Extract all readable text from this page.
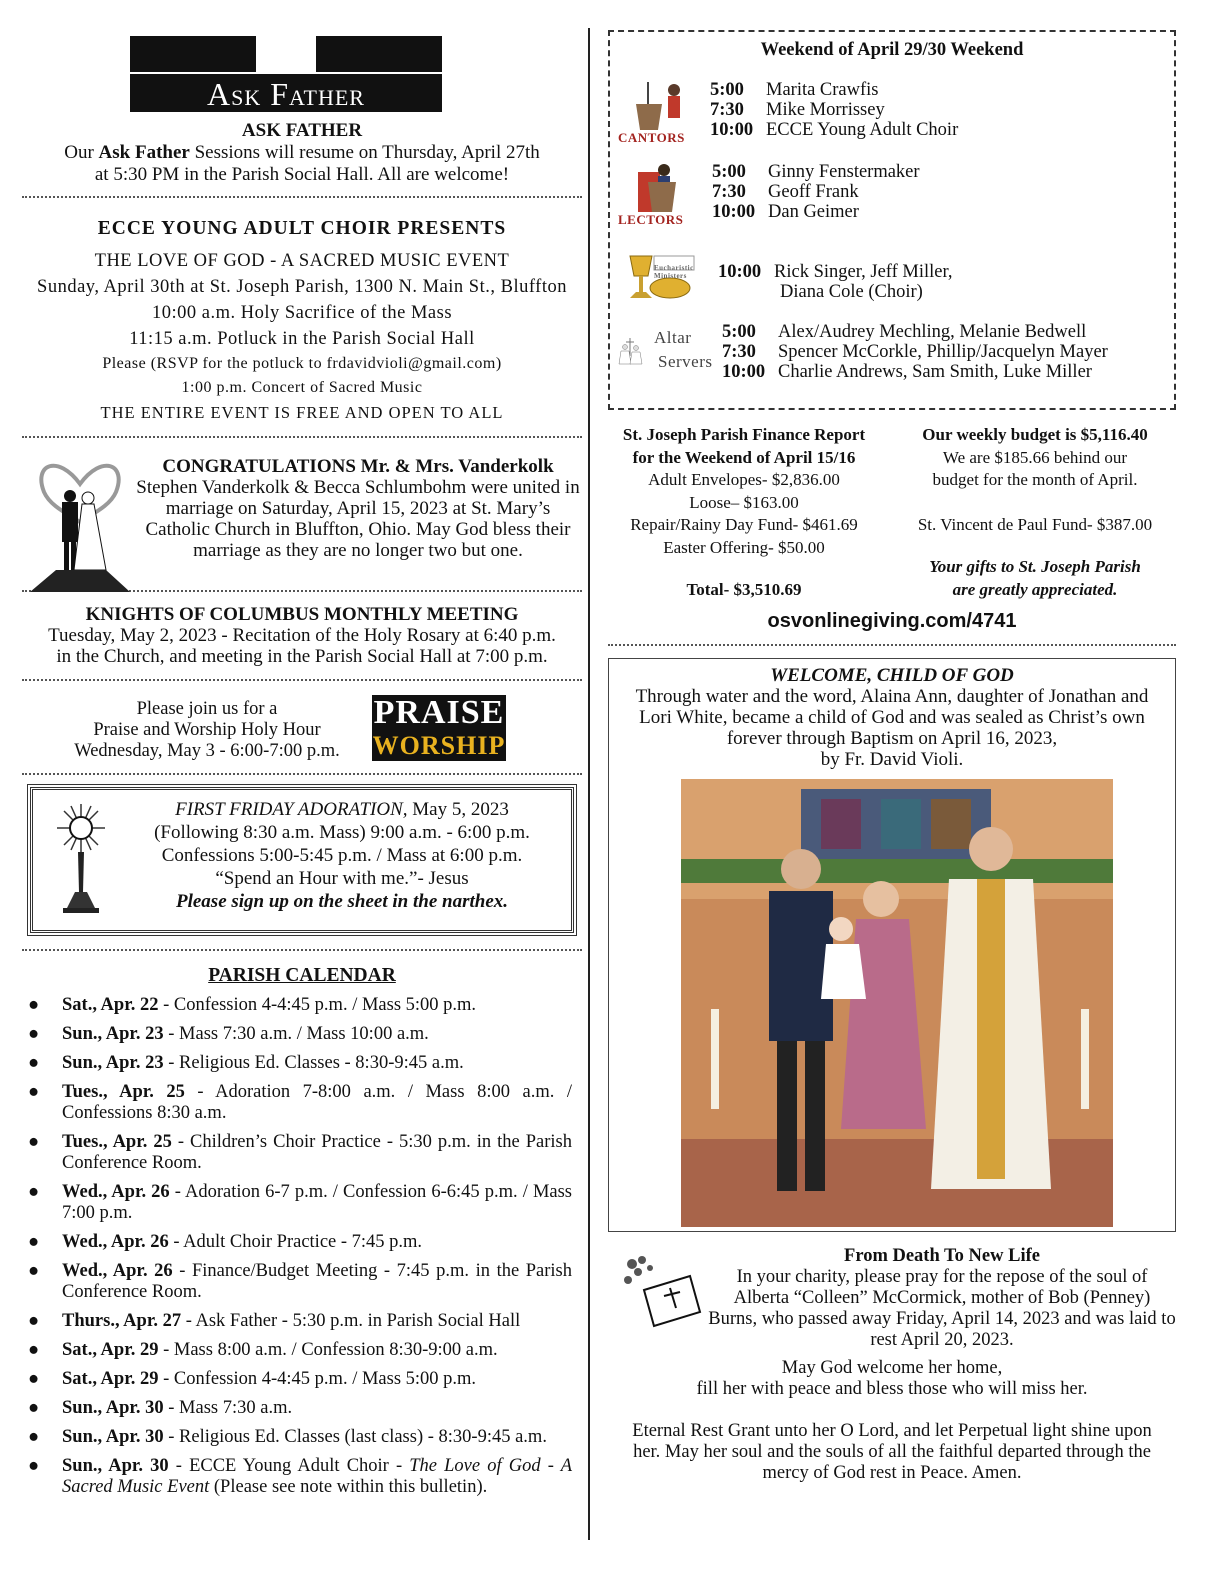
Ask Father
ASK FATHER
Our Ask Father Sessions will resume on Thursday, April 27th
at 5:30 PM in the Parish Social Hall. All are welcome!
ECCE YOUNG ADULT CHOIR PRESENTS
THE LOVE OF GOD - A SACRED MUSIC EVENT
Sunday, April 30th at St. Joseph Parish, 1300 N. Main St., Bluffton
10:00 a.m. Holy Sacrifice of the Mass
11:15 a.m. Potluck in the Parish Social Hall
Please (RSVP for the potluck to frdavidvioli@gmail.com)
1:00 p.m. Concert of Sacred Music
THE ENTIRE EVENT IS FREE AND OPEN TO ALL
CONGRATULATIONS Mr. & Mrs. Vanderkolk
Stephen Vanderkolk & Becca Schlumbohm were united in marriage on Saturday, April 15, 2023 at St. Mary’s Catholic Church in Bluffton, Ohio. May God bless their marriage as they are no longer two but one.
KNIGHTS OF COLUMBUS MONTHLY MEETING
Tuesday, May 2, 2023 - Recitation of the Holy Rosary at 6:40 p.m.
in the Church, and meeting in the Parish Social Hall at 7:00 p.m.
Please join us for a
Praise and Worship Holy Hour
Wednesday, May 3 - 6:00-7:00 p.m.
PRAISE
WORSHIP
FIRST FRIDAY ADORATION, May 5, 2023
(Following 8:30 a.m. Mass) 9:00 a.m. - 6:00 p.m.
Confessions 5:00-5:45 p.m. / Mass at 6:00 p.m.
“Spend an Hour with me.”- Jesus
Please sign up on the sheet in the narthex.
PARISH CALENDAR
● Sat., Apr. 22 - Confession 4-4:45 p.m. / Mass 5:00 p.m.
● Sun., Apr. 23 - Mass 7:30 a.m. / Mass 10:00 a.m.
● Sun., Apr. 23 - Religious Ed. Classes - 8:30-9:45 a.m.
● Tues., Apr. 25 - Adoration 7-8:00 a.m. / Mass 8:00 a.m. / Confessions 8:30 a.m.
● Tues., Apr. 25 - Children’s Choir Practice - 5:30 p.m. in the Parish Conference Room.
● Wed., Apr. 26 - Adoration 6-7 p.m. / Confession 6-6:45 p.m. / Mass 7:00 p.m.
● Wed., Apr. 26 - Adult Choir Practice - 7:45 p.m.
● Wed., Apr. 26 - Finance/Budget Meeting - 7:45 p.m. in the Parish Conference Room.
● Thurs., Apr. 27 - Ask Father - 5:30 p.m. in Parish Social Hall
● Sat., Apr. 29 - Mass 8:00 a.m. / Confession 8:30-9:00 a.m.
● Sat., Apr. 29 - Confession 4-4:45 p.m. / Mass 5:00 p.m.
● Sun., Apr. 30 - Mass 7:30 a.m.
● Sun., Apr. 30 - Religious Ed. Classes (last class) - 8:30-9:45 a.m.
● Sun., Apr. 30 - ECCE Young Adult Choir - The Love of God - A Sacred Music Event (Please see note within this bulletin).
Weekend of April 29/30 Weekend
CANTORS
5:00 Marita Crawfis
7:30 Mike Morrissey
10:00 ECCE Young Adult Choir
LECTORS
5:00 Ginny Fenstermaker
7:30 Geoff Frank
10:00 Dan Geimer
Eucharistic Ministers	10:00 Rick Singer, Jeff Miller,
Diana Cole (Choir)
Altar
Servers
5:00 Alex/Audrey Mechling, Melanie Bedwell
7:30 Spencer McCorkle, Phillip/Jacquelyn Mayer
10:00 Charlie Andrews, Sam Smith, Luke Miller
St. Joseph Parish Finance Report
for the Weekend of April 15/16
Adult Envelopes- $2,836.00
Loose– $163.00
Repair/Rainy Day Fund- $461.69
Easter Offering- $50.00
Total- $3,510.69
Our weekly budget is $5,116.40
We are $185.66 behind our
budget for the month of April.
St. Vincent de Paul Fund- $387.00
Your gifts to St. Joseph Parish
are greatly appreciated.
osvonlinegiving.com/4741
WELCOME, CHILD OF GOD
Through water and the word, Alaina Ann, daughter of Jonathan and Lori White, became a child of God and was sealed as Christ’s own forever through Baptism on April 16, 2023,
by Fr. David Violi.
From Death To New Life
In your charity, please pray for the repose of the soul of Alberta “Colleen” McCormick, mother of Bob (Penney) Burns, who passed away Friday, April 14, 2023 and was laid to rest April 20, 2023.
May God welcome her home,
fill her with peace and bless those who will miss her.
Eternal Rest Grant unto her O Lord, and let Perpetual light shine upon her. May her soul and the souls of all the faithful departed through the mercy of God rest in Peace. Amen.
